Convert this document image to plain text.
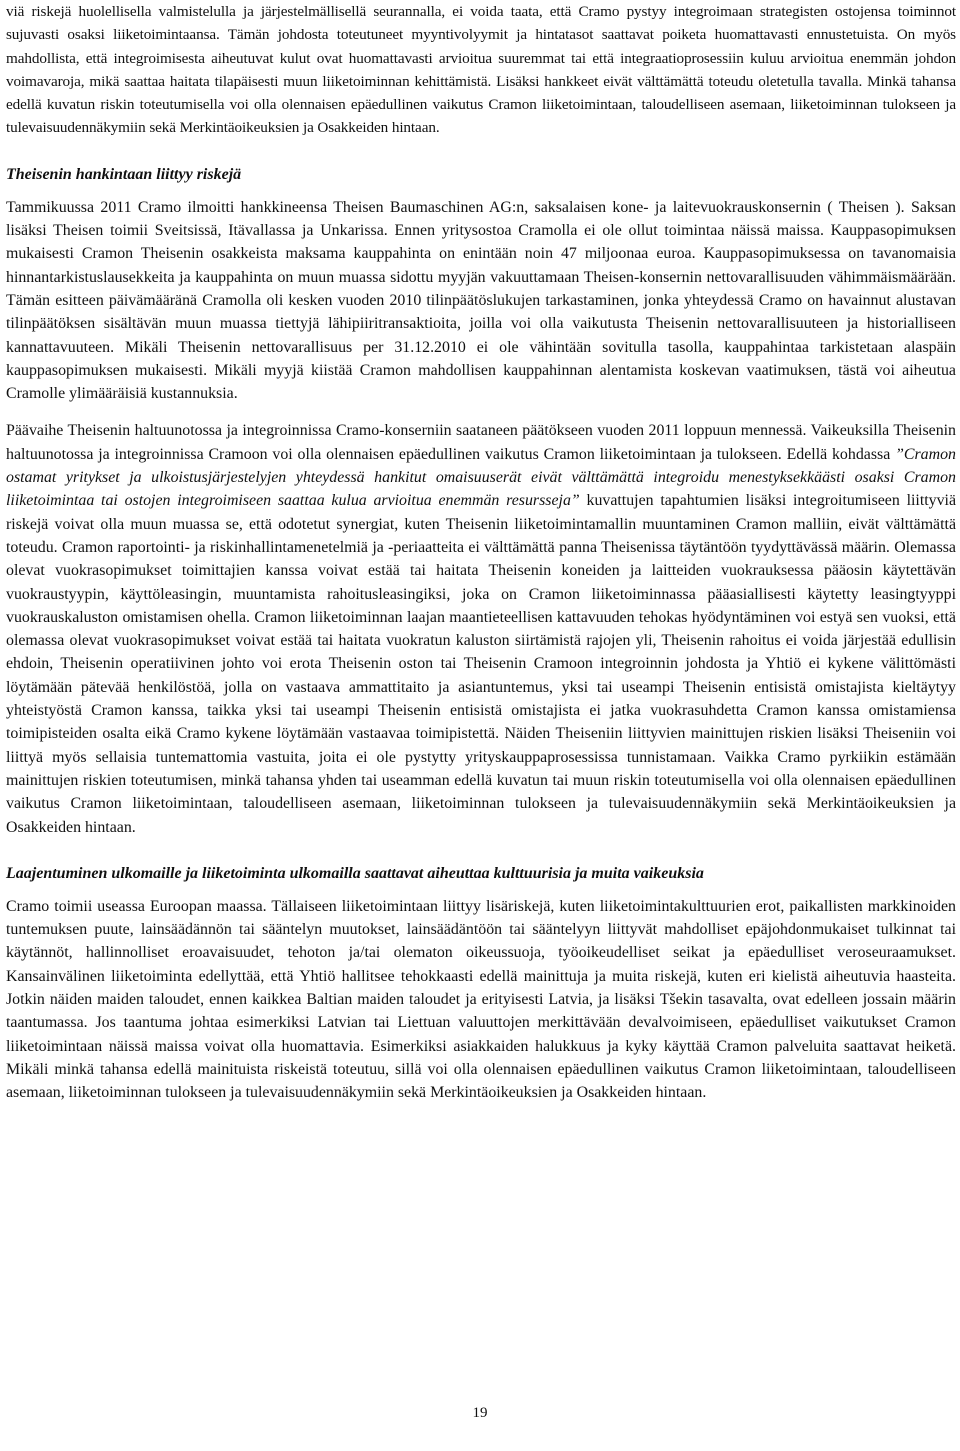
viä riskejä huolellisella valmistelulla ja järjestelmällisellä seurannalla, ei voida taata, että Cramo pystyy integroimaan strategisten ostojensa toiminnot sujuvasti osaksi liiketoimintaansa. Tämän johdosta toteutuneet myyntivolyymit ja hintatasot saattavat poiketa huomattavasti ennustetuista. On myös mahdollista, että integroimisesta aiheutuvat kulut ovat huomattavasti arvioitua suuremmat tai että integraatioprosessiin kuluu arvioitua enemmän johdon voimavaroja, mikä saattaa haitata tilapäisesti muun liiketoiminnan kehittämistä. Lisäksi hankkeet eivät välttämättä toteudu oletetulla tavalla. Minkä tahansa edellä kuvatun riskin toteutumisella voi olla olennaisen epäedullinen vaikutus Cramon liiketoimintaan, taloudelliseen asemaan, liiketoiminnan tulokseen ja tulevaisuudennäkymiin sekä Merkintäoikeuksien ja Osakkeiden hintaan.

Theisenin hankintaan liittyy riskejä

Tammikuussa 2011 Cramo ilmoitti hankkineensa Theisen Baumaschinen AG:n, saksalaisen kone- ja laitevuokrauskonsernin ( Theisen ). Saksan lisäksi Theisen toimii Sveitsissä, Itävallassa ja Unkarissa. Ennen yritysostoa Cramolla ei ole ollut toimintaa näissä maissa. Kauppasopimuksen mukaisesti Cramon Theisenin osakkeista maksama kauppahinta on enintään noin 47 miljoonaa euroa. Kauppasopimuksessa on tavanomaisia hinnantarkistuslausekkeita ja kauppahinta on muun muassa sidottu myyjän vakuuttamaan Theisen-konsernin nettovarallisuuden vähimmäismäärään. Tämän esitteen päivämääränä Cramolla oli kesken vuoden 2010 tilinpäätöslukujen tarkastaminen, jonka yhteydessä Cramo on havainnut alustavan tilinpäätöksen sisältävän muun muassa tiettyjä lähipiiritransaktioita, joilla voi olla vaikutusta Theisenin nettovarallisuuteen ja historialliseen kannattavuuteen. Mikäli Theisenin nettovarallisuus per 31.12.2010 ei ole vähintään sovitulla tasolla, kauppahintaa tarkistetaan alaspäin kauppasopimuksen mukaisesti. Mikäli myyjä kiistää Cramon mahdollisen kauppahinnan alentamista koskevan vaatimuksen, tästä voi aiheutua Cramolle ylimääräisiä kustannuksia.

Päävaihe Theisenin haltuunotossa ja integroinnissa Cramo-konserniin saataneen päätökseen vuoden 2011 loppuun mennessä. Vaikeuksilla Theisenin haltuunotossa ja integroinnissa Cramoon voi olla olennaisen epäedullinen vaikutus Cramon liiketoimintaan ja tulokseen. Edellä kohdassa ”Cramon ostamat yritykset ja ulkoistusjärjestelyjen yhteydessä hankitut omaisuuserät eivät välttämättä integroidu menestyksekkäästi osaksi Cramon liiketoimintaa tai ostojen integroimiseen saattaa kulua arvioitua enemmän resursseja” kuvattujen tapahtumien lisäksi integroitumiseen liittyviä riskejä voivat olla muun muassa se, että odotetut synergiat, kuten Theisenin liiketoimintamallin muuntaminen Cramon malliin, eivät välttämättä toteudu. Cramon raportointi- ja riskinhallintamenetelmiä ja -periaatteita ei välttämättä panna Theisenissa täytäntöön tyydyttävässä määrin. Olemassa olevat vuokrasopimukset toimittajien kanssa voivat estää tai haitata Theisenin koneiden ja laitteiden vuokrauksessa pääosin käytettävän vuokraustyypin, käyttöleasingin, muuntamista rahoitusleasingiksi, joka on Cramon liiketoiminnassa pääasiallisesti käytetty leasingtyyppi vuokrauskaluston omistamisen ohella. Cramon liiketoiminnan laajan maantieteellisen kattavuuden tehokas hyödyntäminen voi estyä sen vuoksi, että olemassa olevat vuokrasopimukset voivat estää tai haitata vuokratun kaluston siirtämistä rajojen yli, Theisenin rahoitus ei voida järjestää edullisin ehdoin, Theisenin operatiivinen johto voi erota Theisenin oston tai Theisenin Cramoon integroinnin johdosta ja Yhtiö ei kykene välittömästi löytämään pätevää henkilöstöä, jolla on vastaava ammattitaito ja asiantuntemus, yksi tai useampi Theisenin entisistä omistajista kieltäytyy yhteistyöstä Cramon kanssa, taikka yksi tai useampi Theisenin entisistä omistajista ei jatka vuokrasuhdetta Cramon kanssa omistamiensa toimipisteiden osalta eikä Cramo kykene löytämään vastaavaa toimipistettä. Näiden Theiseniin liittyvien mainittujen riskien lisäksi Theiseniin voi liittyä myös sellaisia tuntemattomia vastuita, joita ei ole pystytty yrityskauppaprosessissa tunnistamaan. Vaikka Cramo pyrkiikin estämään mainittujen riskien toteutumisen, minkä tahansa yhden tai useamman edellä kuvatun tai muun riskin toteutumisella voi olla olennaisen epäedullinen vaikutus Cramon liiketoimintaan, taloudelliseen asemaan, liiketoiminnan tulokseen ja tulevaisuudennäkymiin sekä Merkintäoikeuksien ja Osakkeiden hintaan.

Laajentuminen ulkomaille ja liiketoiminta ulkomailla saattavat aiheuttaa kulttuurisia ja muita vaikeuksia

Cramo toimii useassa Euroopan maassa. Tällaiseen liiketoimintaan liittyy lisäriskejä, kuten liiketoimintakulttuurien erot, paikallisten markkinoiden tuntemuksen puute, lainsäädännön tai sääntelyn muutokset, lainsäädäntöön tai sääntelyyn liittyvät mahdolliset epäjohdonmukaiset tulkinnat tai käytännöt, hallinnolliset eroavaisuudet, tehoton ja/tai olematon oikeussuoja, työoikeudelliset seikat ja epäedulliset veroseuraamukset. Kansainvälinen liiketoiminta edellyttää, että Yhtiö hallitsee tehokkaasti edellä mainittuja ja muita riskejä, kuten eri kielistä aiheutuvia haasteita. Jotkin näiden maiden taloudet, ennen kaikkea Baltian maiden taloudet ja erityisesti Latvia, ja lisäksi Tšekin tasavalta, ovat edelleen jossain määrin taantumassa. Jos taantuma johtaa esimerkiksi Latvian tai Liettuan valuuttojen merkittävään devalvoimiseen, epäedulliset vaikutukset Cramon liiketoimintaan näissä maissa voivat olla huomattavia. Esimerkiksi asiakkaiden halukkuus ja kyky käyttää Cramon palveluita saattavat heiketä. Mikäli minkä tahansa edellä mainituista riskeistä toteutuu, sillä voi olla olennaisen epäedullinen vaikutus Cramon liiketoimintaan, taloudelliseen asemaan, liiketoiminnan tulokseen ja tulevaisuudennäkymiin sekä Merkintäoikeuksien ja Osakkeiden hintaan.

19
